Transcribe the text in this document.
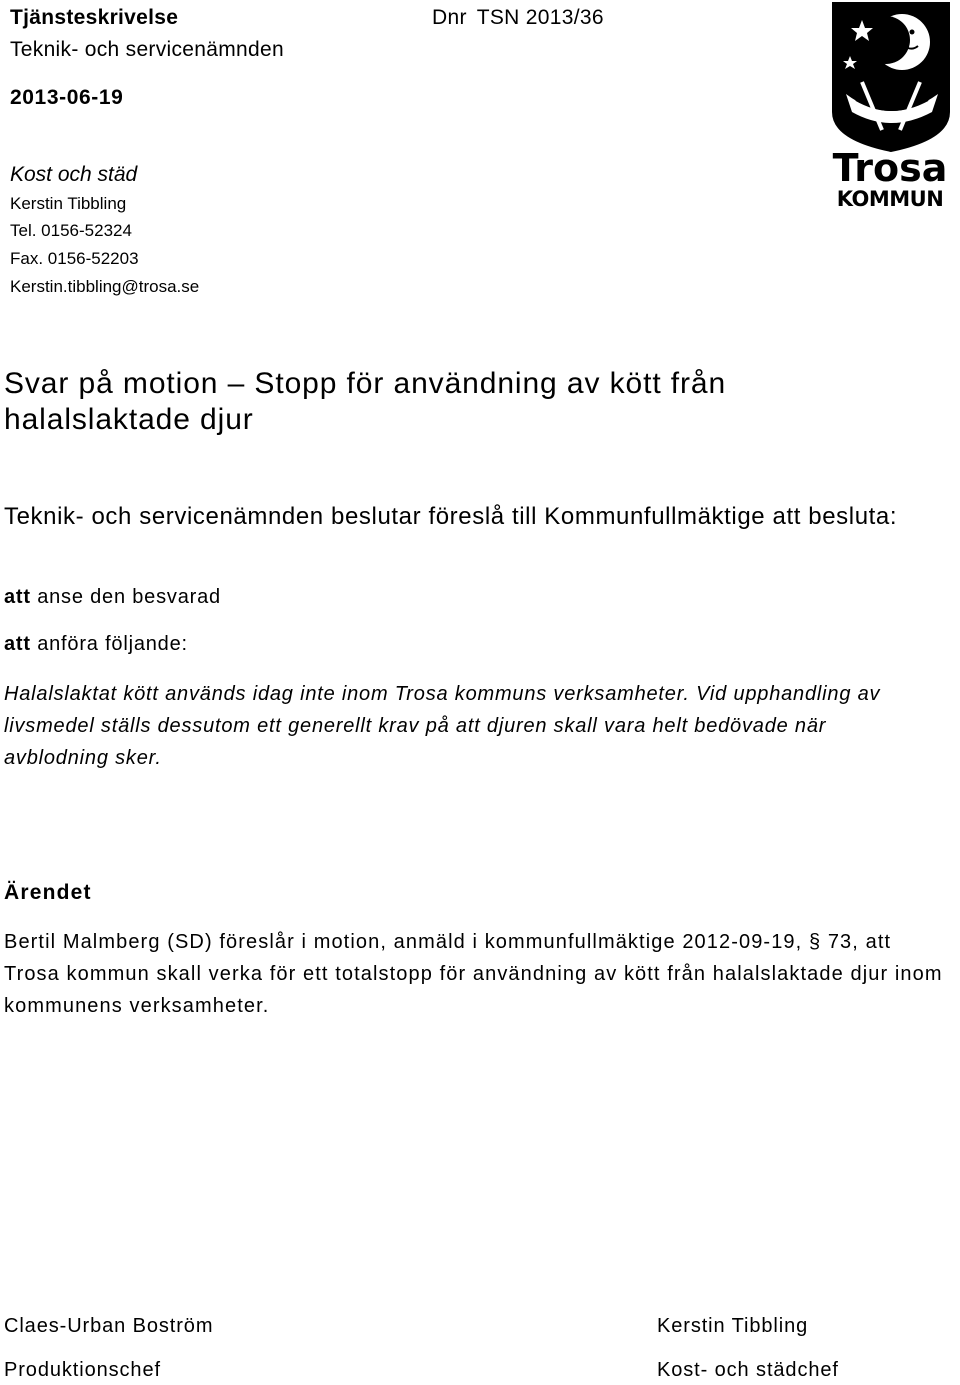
Tjänsteskrivelse
Teknik- och servicenämnden
2013-06-19
Dnr TSN 2013/36
Kost och städ
Kerstin Tibbling
Tel. 0156-52324
Fax. 0156-52203
Kerstin.tibbling@trosa.se
Trosa
KOMMUN
Svar på motion – Stopp för användning av kött från halalslaktade djur
Teknik- och servicenämnden beslutar föreslå till Kommunfullmäktige att besluta:
att anse den besvarad
att anföra följande:
Halalslaktat kött används idag inte inom Trosa kommuns verksamheter. Vid upphandling av livsmedel ställs dessutom ett generellt krav på att djuren skall vara helt bedövade när avblodning sker.
Ärendet
Bertil Malmberg (SD) föreslår i motion, anmäld i kommunfullmäktige 2012-09-19, § 73, att Trosa kommun skall verka för ett totalstopp för användning av kött från halalslaktade djur inom kommunens verksamheter.
Claes-Urban Boström
Produktionschef
Kerstin Tibbling
Kost- och städchef
